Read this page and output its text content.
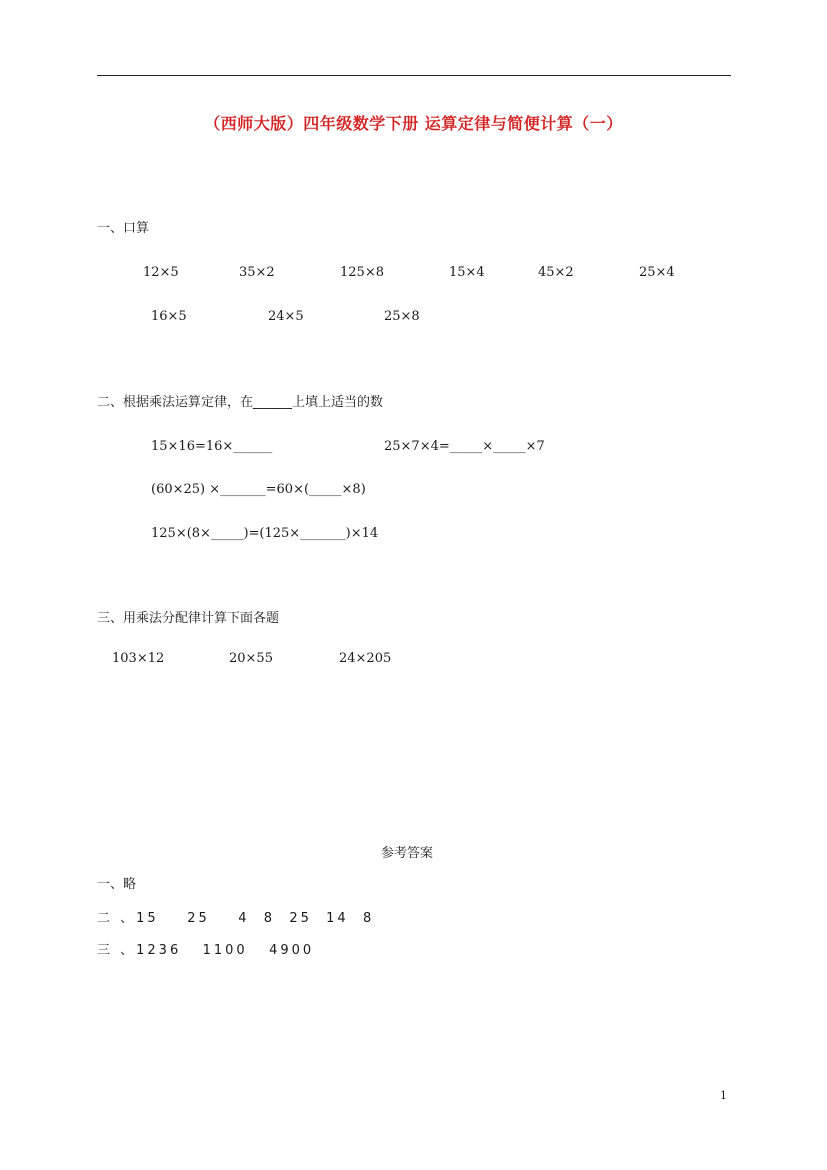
（西师大版）四年级数学下册 运算定律与简便计算（一）
一、口算
12×5	35×2	125×8	15×4	45×2	25×4
16×5	24×5	25×8
二、根据乘法运算定律，在______上填上适当的数
15×16=16×______	25×7×4=_____×_____×7
(60×25) ×_______=60×(_____×8)
125×(8×_____)=(125×_______)×14
三、用乘法分配律计算下面各题
103×12	20×55	24×205
参考答案
一、略
二 、15    25    4  8  25  14  8
三 、1236   1100   4900
1
